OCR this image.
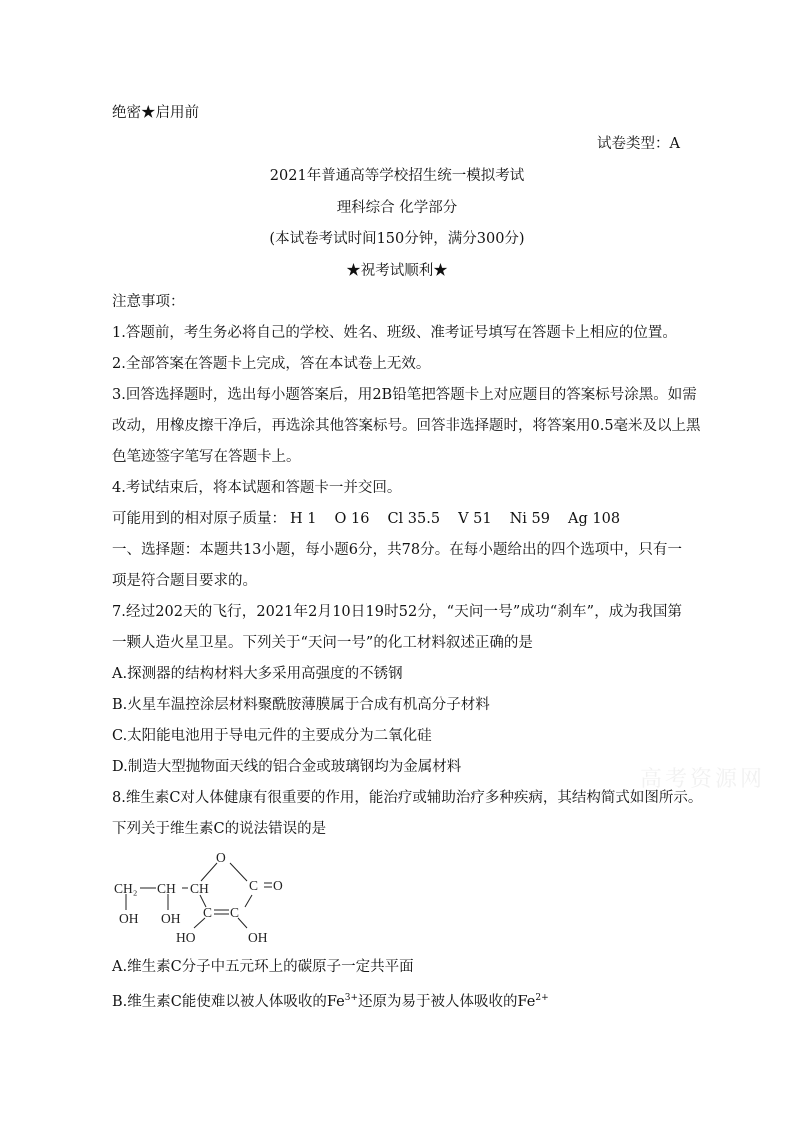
绝密★启用前
试卷类型：A
2021年普通高等学校招生统一模拟考试
理科综合 化学部分
(本试卷考试时间150分钟，满分300分)
★祝考试顺利★
注意事项：
1.答题前，考生务必将自己的学校、姓名、班级、准考证号填写在答题卡上相应的位置。
2.全部答案在答题卡上完成，答在本试卷上无效。
3.回答选择题时，选出每小题答案后，用2B铅笔把答题卡上对应题目的答案标号涂黑。如需
改动，用橡皮擦干净后，再选涂其他答案标号。回答非选择题时，将答案用0.5毫米及以上黑
色笔迹签字笔写在答题卡上。
4.考试结束后，将本试题和答题卡一并交回。
可能用到的相对原子质量： H 1 O 16 Cl 35.5 V 51 Ni 59 Ag 108
一、选择题：本题共13小题，每小题6分，共78分。在每小题给出的四个选项中，只有一
项是符合题目要求的。
7.经过202天的飞行，2021年2月10日19时52分，“天问一号”成功“刹车”，成为我国第
一颗人造火星卫星。下列关于“天问一号”的化工材料叙述正确的是
A.探测器的结构材料大多采用高强度的不锈钢
B.火星车温控涂层材料聚酰胺薄膜属于合成有机高分子材料
C.太阳能电池用于导电元件的主要成分为二氧化硅
D.制造大型抛物面天线的铝合金或玻璃钢均为金属材料	高考资源网
8.维生素C对人体健康有很重要的作用，能治疗或辅助治疗多种疾病，其结构简式如图所示。
下列关于维生素C的说法错误的是
O
CH₂ CH CH	C O
C C
OH OH
HO	OH
A.维生素C分子中五元环上的碳原子一定共平面
B.维生素C能使难以被人体吸收的$Fe^{3+}$还原为易于被人体吸收的$Fe^{2+}$
